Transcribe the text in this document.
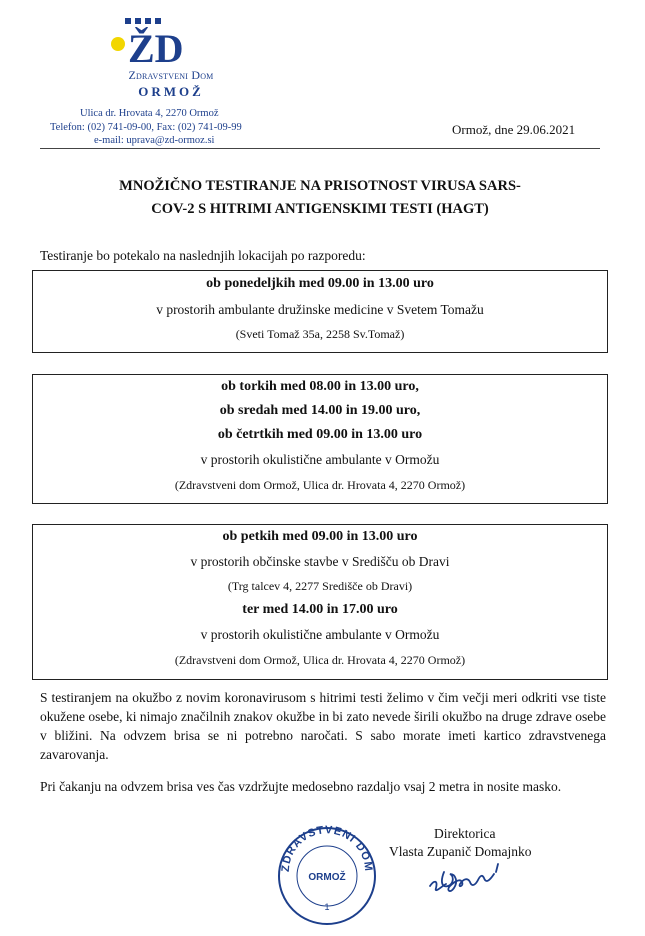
ŽD
Zdravstveni Dom
ORMOŽ
Ulica dr. Hrovata 4, 2270 Ormož
Telefon: (02) 741-09-00, Fax: (02) 741-09-99
e-mail: uprava@zd-ormoz.si
Ormož, dne 29.06.2021
MNOŽIČNO TESTIRANJE NA PRISOTNOST VIRUSA SARS-
COV-2 S HITRIMI ANTIGENSKIMI TESTI (HAGT)
Testiranje bo potekalo na naslednjih lokacijah po razporedu:
ob ponedeljkih med 09.00 in 13.00 uro
v prostorih ambulante družinske medicine v Svetem Tomažu
(Sveti Tomaž 35a, 2258 Sv.Tomaž)
ob torkih med 08.00 in 13.00 uro,
ob sredah med 14.00 in 19.00 uro,
ob četrtkih med 09.00 in 13.00 uro
v prostorih okulistične ambulante v Ormožu
(Zdravstveni dom Ormož, Ulica dr. Hrovata 4, 2270 Ormož)
ob petkih med 09.00 in 13.00 uro
v prostorih občinske stavbe v Središču ob Dravi
(Trg talcev 4, 2277 Središče ob Dravi)
ter med 14.00 in 17.00 uro
v prostorih okulistične ambulante v Ormožu
(Zdravstveni dom Ormož, Ulica dr. Hrovata 4, 2270 Ormož)
S testiranjem na okužbo z novim koronavirusom s hitrimi testi želimo v čim večji meri odkriti vse tiste okužene osebe, ki nimajo značilnih znakov okužbe in bi zato nevede širili okužbo na druge zdrave osebe v bližini. Na odvzem brisa se ni potrebno naročati. S sabo morate imeti kartico zdravstvenega zavarovanja.
Pri čakanju na odvzem brisa ves čas vzdržujte medosebno razdaljo vsaj 2 metra in nosite masko.
Direktorica
Vlasta Zupanič Domajnko
ZDRAVSTVENI DOM
ORMOŽ
1
